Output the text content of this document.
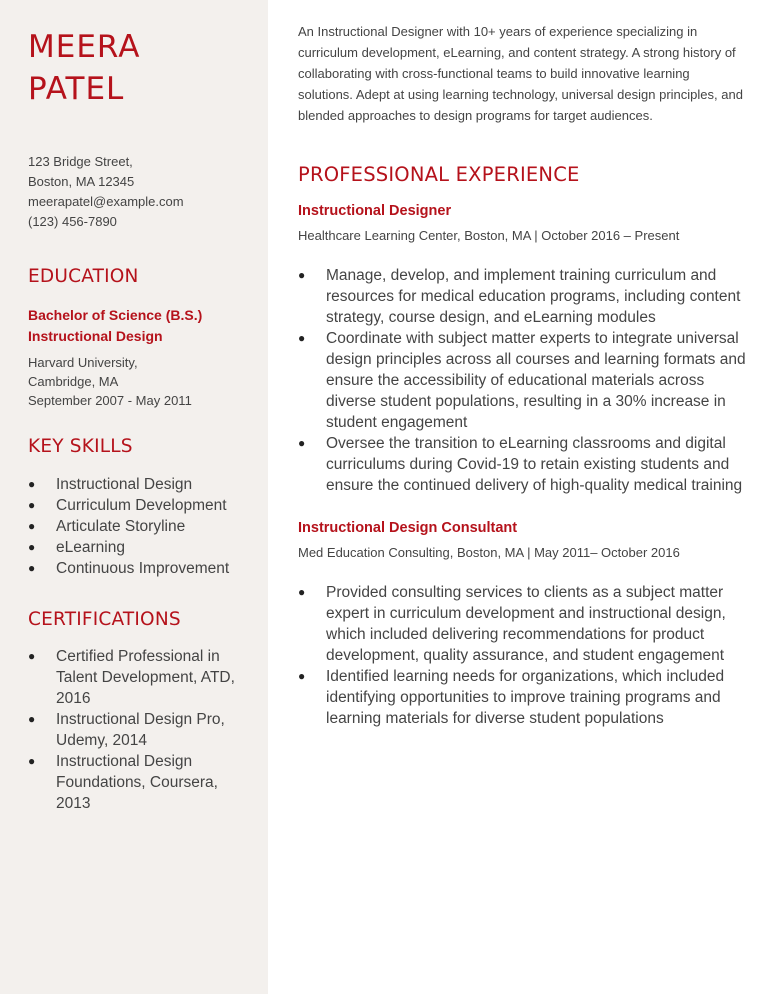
MEERA
PATEL
123 Bridge Street,
Boston, MA 12345
meerapatel@example.com
(123) 456-7890
EDUCATION
Bachelor of Science (B.S.)
Instructional Design
Harvard University,
Cambridge, MA
September 2007 - May 2011
KEY SKILLS
● Instructional Design
● Curriculum Development
● Articulate Storyline
● eLearning
● Continuous Improvement
CERTIFICATIONS
● Certified Professional in Talent Development, ATD, 2016
● Instructional Design Pro, Udemy, 2014
● Instructional Design Foundations, Coursera, 2013

An Instructional Designer with 10+ years of experience specializing in curriculum development, eLearning, and content strategy. A strong history of collaborating with cross-functional teams to build innovative learning solutions. Adept at using learning technology, universal design principles, and blended approaches to design programs for target audiences.

PROFESSIONAL EXPERIENCE
Instructional Designer
Healthcare Learning Center, Boston, MA | October 2016 – Present
● Manage, develop, and implement training curriculum and resources for medical education programs, including content strategy, course design, and eLearning modules
● Coordinate with subject matter experts to integrate universal design principles across all courses and learning formats and ensure the accessibility of educational materials across diverse student populations, resulting in a 30% increase in student engagement
● Oversee the transition to eLearning classrooms and digital curriculums during Covid-19 to retain existing students and ensure the continued delivery of high-quality medical training
Instructional Design Consultant
Med Education Consulting, Boston, MA | May 2011– October 2016
● Provided consulting services to clients as a subject matter expert in curriculum development and instructional design, which included delivering recommendations for product development, quality assurance, and student engagement
● Identified learning needs for organizations, which included identifying opportunities to improve training programs and learning materials for diverse student populations
